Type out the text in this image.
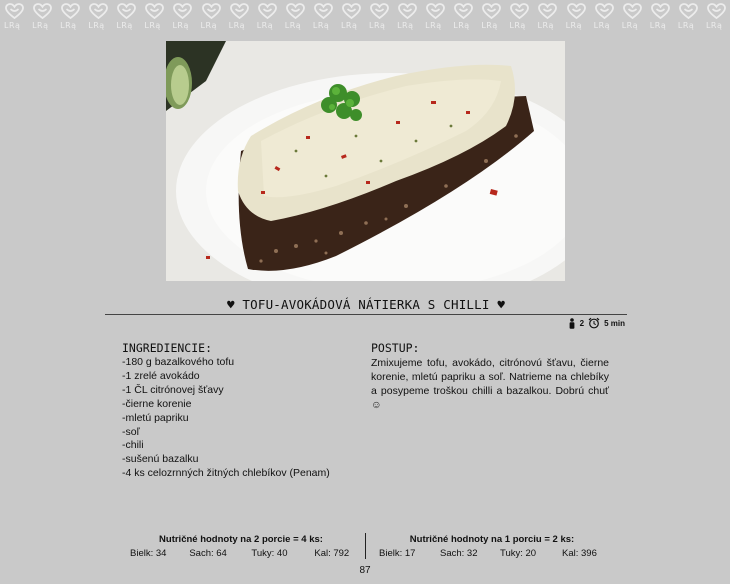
LRą LRą LRą LRą LRą LRą LRą LRą LRą LRą LRą LRą LRą LRą LRą LRą LRą LRą LRą LRą LRą LRą LRą LRą LRą LRą
♥ TOFU-AVOKÁDOVÁ NÁTIERKA S CHILLI ♥
2	5 min
INGREDIENCIE:
-180 g bazalkového tofu
-1 zrelé avokádo
-1 ČL citrónovej šťavy
-čierne korenie
-mletú papriku
-soľ
-chili
-sušenú bazalku
-4 ks celozrnných žitných chlebíkov (Penam)
POSTUP:

Zmixujeme tofu, avokádo, citrónovú šťavu, čierne korenie, mletú papriku a soľ. Natrieme na chlebíky a posypeme troškou chilli a bazalkou. Dobrú chuť ☺

Nutričné hodnoty na 2 porcie = 4 ks:
Bielk: 34 Sach: 64	Tuky: 40	Kal: 792
Nutričné hodnoty na 1 porciu = 2 ks:
Bielk: 17	Sach: 32	Tuky: 20	Kal: 396
87
